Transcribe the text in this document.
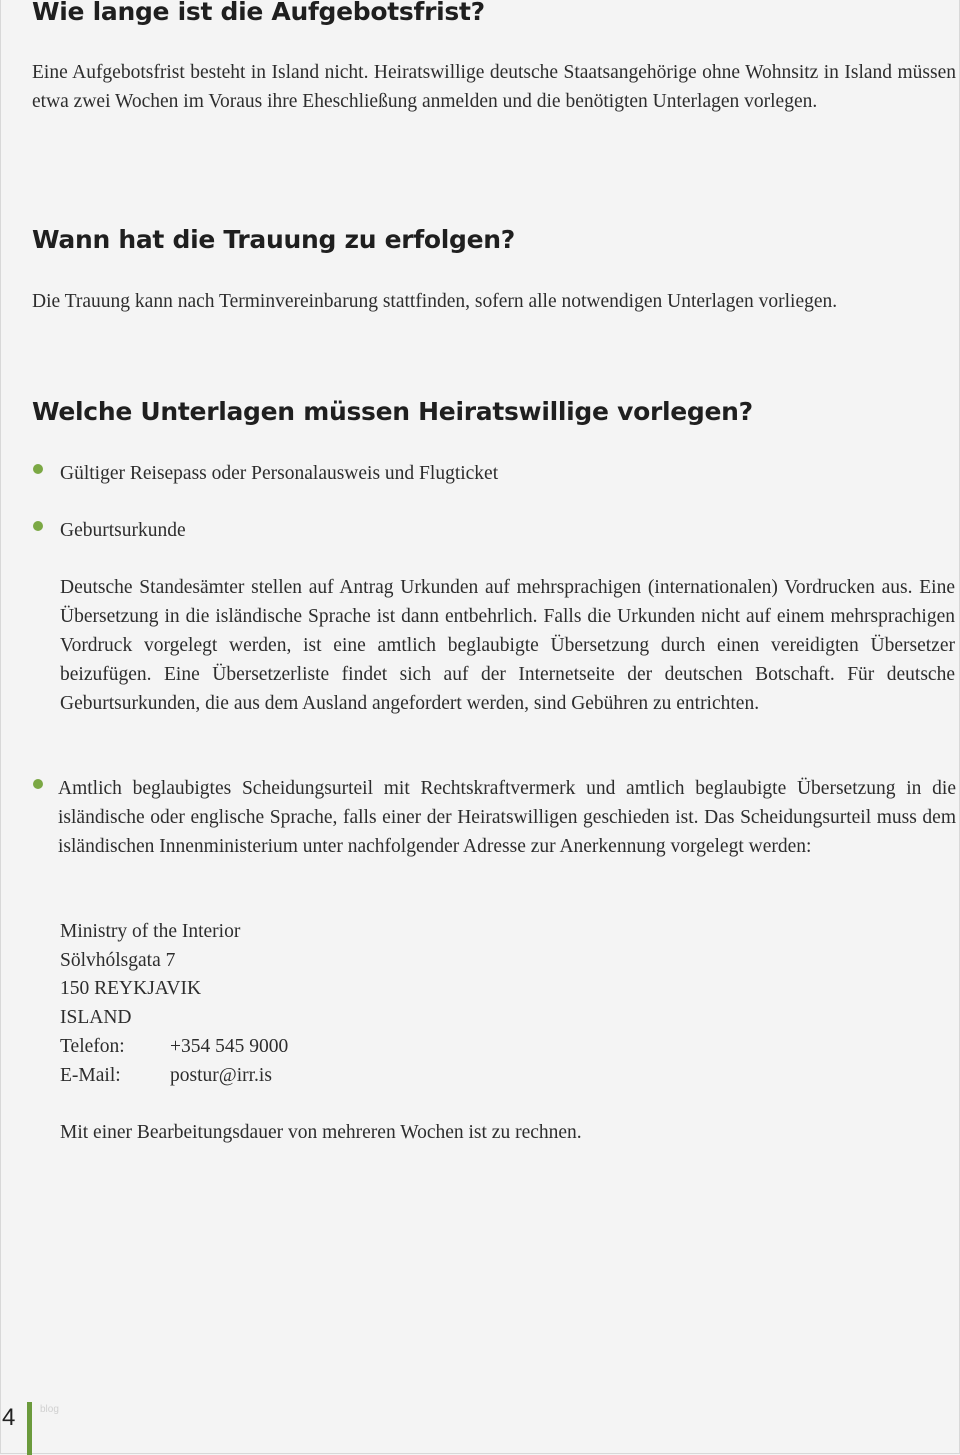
Wie lange ist die Aufgebotsfrist?

Eine Aufgebotsfrist besteht in Island nicht. Heiratswillige deutsche Staatsangehörige ohne Wohnsitz in Island müssen etwa zwei Wochen im Voraus ihre Eheschließung anmelden und die benötigten Unterlagen vorlegen.

Wann hat die Trauung zu erfolgen?

Die Trauung kann nach Terminvereinbarung stattfinden, sofern alle notwendigen Unterlagen vorliegen.

Welche Unterlagen müssen Heiratswillige vorlegen?

Gültiger Reisepass oder Personalausweis und Flugticket

Geburtsurkunde

Deutsche Standesämter stellen auf Antrag Urkunden auf mehrsprachigen (internationalen) Vordrucken aus. Eine Übersetzung in die isländische Sprache ist dann entbehrlich. Falls die Urkunden nicht auf einem mehrsprachigen Vordruck vorgelegt werden, ist eine amtlich beglaubigte Übersetzung durch einen vereidigten Übersetzer beizufügen. Eine Übersetzerliste findet sich auf der Internetseite der deutschen Botschaft. Für deutsche Geburtsurkunden, die aus dem Ausland angefordert werden, sind Gebühren zu entrichten.

Amtlich beglaubigtes Scheidungsurteil mit Rechtskraftvermerk und amtlich beglaubigte Übersetzung in die isländische oder englische Sprache, falls einer der Heiratswilligen geschieden ist. Das Scheidungsurteil muss dem isländischen Innenministerium unter nachfolgender Adresse zur Anerkennung vorgelegt werden:

Ministry of the Interior
Sölvhólsgata 7
150 REYKJAVIK
ISLAND
Telefon: +354 545 9000
E-Mail:	postur@irr.is

Mit einer Bearbeitungsdauer von mehreren Wochen ist zu rechnen.

4 blog
